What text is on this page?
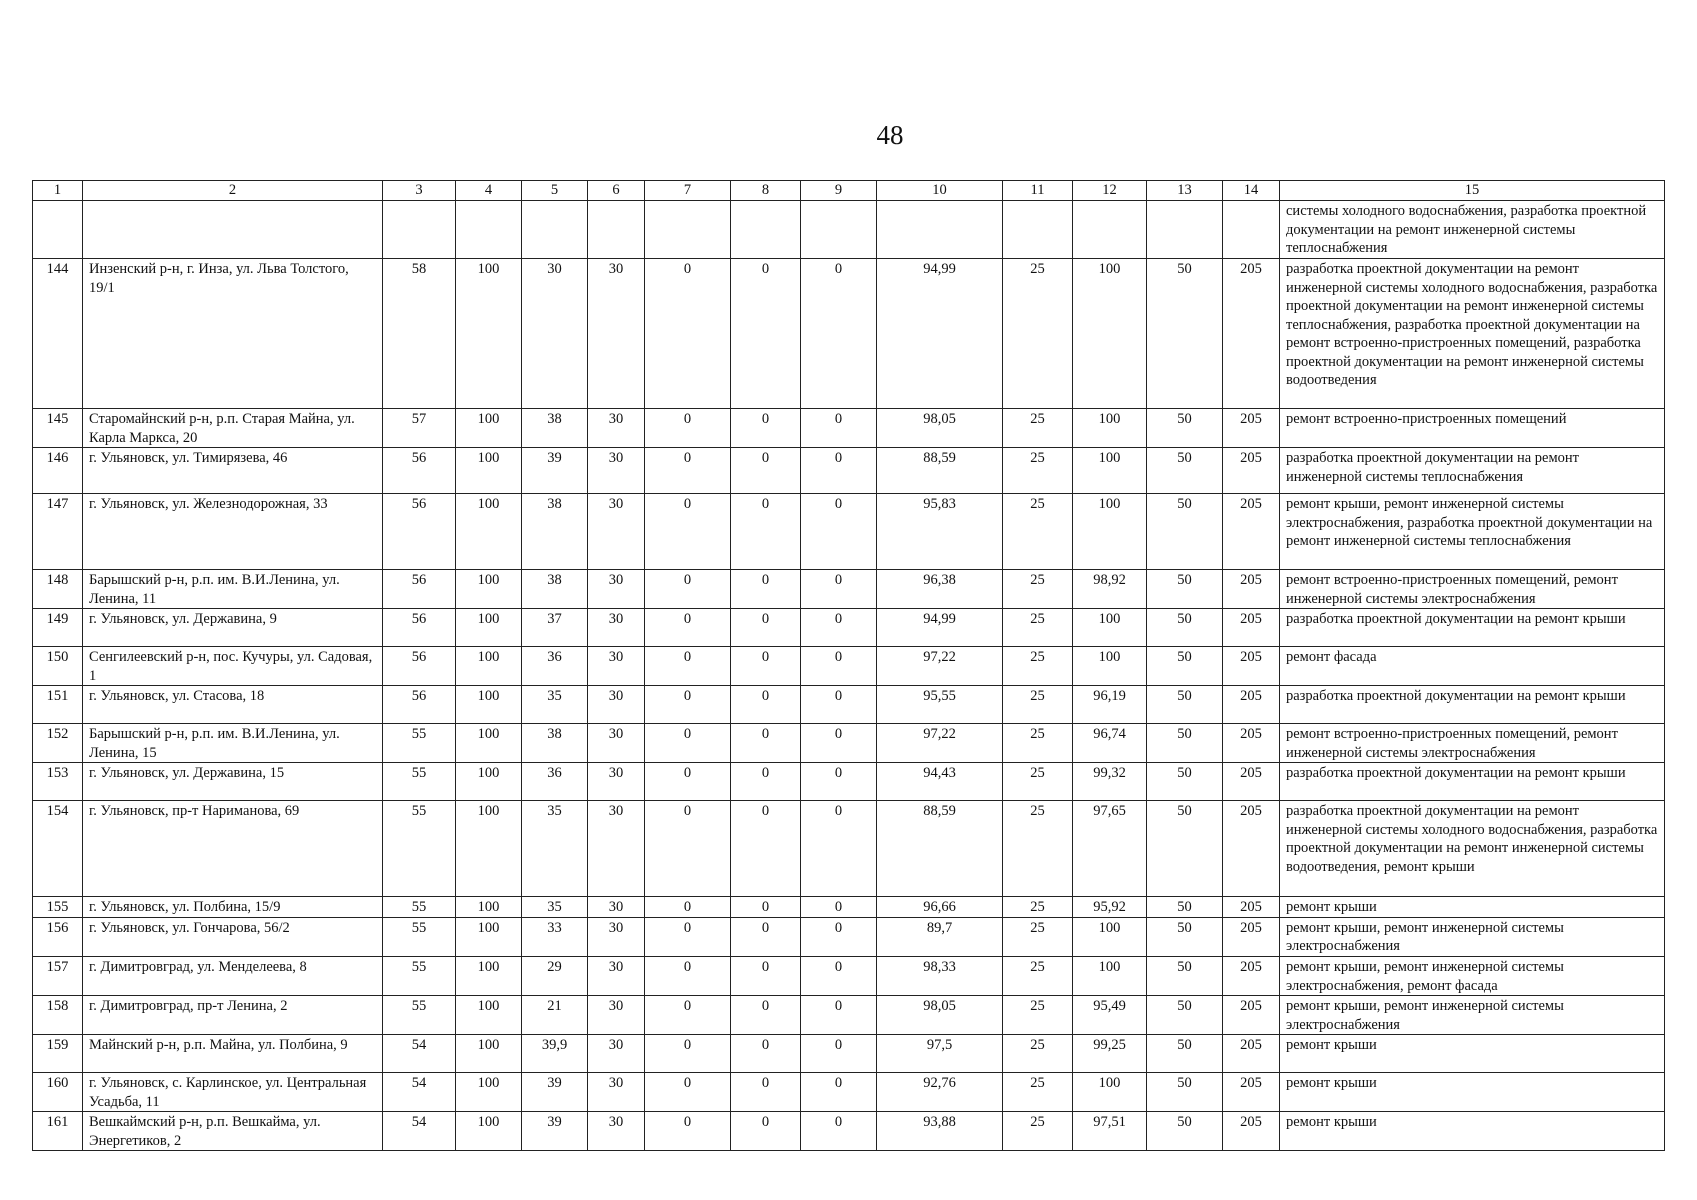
48
1	2	3	4	5	6	7	8	9	10	11	12	13	14	15
														системы холодного водоснабжения, разработка проектной документации на ремонт инженерной системы теплоснабжения
144	Инзенский р-н, г. Инза, ул. Льва Толстого, 19/1	58	100	30	30	0	0	0	94,99	25	100	50	205	разработка проектной документации на ремонт инженерной системы холодного водоснабжения, разработка проектной документации на ремонт инженерной системы теплоснабжения, разработка проектной документации на ремонт встроенно-пристроенных помещений, разработка проектной документации на ремонт инженерной системы водоотведения
145	Старомайнский р-н, р.п. Старая Майна, ул. Карла Маркса, 20	57	100	38	30	0	0	0	98,05	25	100	50	205	ремонт встроенно-пристроенных помещений
146	г. Ульяновск, ул. Тимирязева, 46	56	100	39	30	0	0	0	88,59	25	100	50	205	разработка проектной документации на ремонт инженерной системы теплоснабжения
147	г. Ульяновск, ул. Железнодорожная, 33	56	100	38	30	0	0	0	95,83	25	100	50	205	ремонт крыши, ремонт инженерной системы электроснабжения, разработка проектной документации на ремонт инженерной системы теплоснабжения
148	Барышский р-н, р.п. им. В.И.Ленина, ул. Ленина, 11	56	100	38	30	0	0	0	96,38	25	98,92	50	205	ремонт встроенно-пристроенных помещений, ремонт инженерной системы электроснабжения
149	г. Ульяновск, ул. Державина, 9	56	100	37	30	0	0	0	94,99	25	100	50	205	разработка проектной документации на ремонт крыши
150	Сенгилеевский р-н, пос. Кучуры, ул. Садовая, 1	56	100	36	30	0	0	0	97,22	25	100	50	205	ремонт фасада
151	г. Ульяновск, ул. Стасова, 18	56	100	35	30	0	0	0	95,55	25	96,19	50	205	разработка проектной документации на ремонт крыши
152	Барышский р-н, р.п. им. В.И.Ленина, ул. Ленина, 15	55	100	38	30	0	0	0	97,22	25	96,74	50	205	ремонт встроенно-пристроенных помещений, ремонт инженерной системы электроснабжения
153	г. Ульяновск, ул. Державина, 15	55	100	36	30	0	0	0	94,43	25	99,32	50	205	разработка проектной документации на ремонт крыши
154	г. Ульяновск, пр-т Нариманова, 69	55	100	35	30	0	0	0	88,59	25	97,65	50	205	разработка проектной документации на ремонт инженерной системы холодного водоснабжения, разработка проектной документации на ремонт инженерной системы водоотведения, ремонт крыши
155	г. Ульяновск, ул. Полбина, 15/9	55	100	35	30	0	0	0	96,66	25	95,92	50	205	ремонт крыши
156	г. Ульяновск, ул. Гончарова, 56/2	55	100	33	30	0	0	0	89,7	25	100	50	205	ремонт крыши, ремонт инженерной системы электроснабжения
157	г. Димитровград, ул. Менделеева, 8	55	100	29	30	0	0	0	98,33	25	100	50	205	ремонт крыши, ремонт инженерной системы электроснабжения, ремонт фасада
158	г. Димитровград, пр-т Ленина, 2	55	100	21	30	0	0	0	98,05	25	95,49	50	205	ремонт крыши, ремонт инженерной системы электроснабжения
159	Майнский р-н, р.п. Майна, ул. Полбина, 9	54	100	39,9	30	0	0	0	97,5	25	99,25	50	205	ремонт крыши
160	г. Ульяновск, с. Карлинское, ул. Центральная Усадьба, 11	54	100	39	30	0	0	0	92,76	25	100	50	205	ремонт крыши
161	Вешкаймский р-н, р.п. Вешкайма, ул. Энергетиков, 2	54	100	39	30	0	0	0	93,88	25	97,51	50	205	ремонт крыши
